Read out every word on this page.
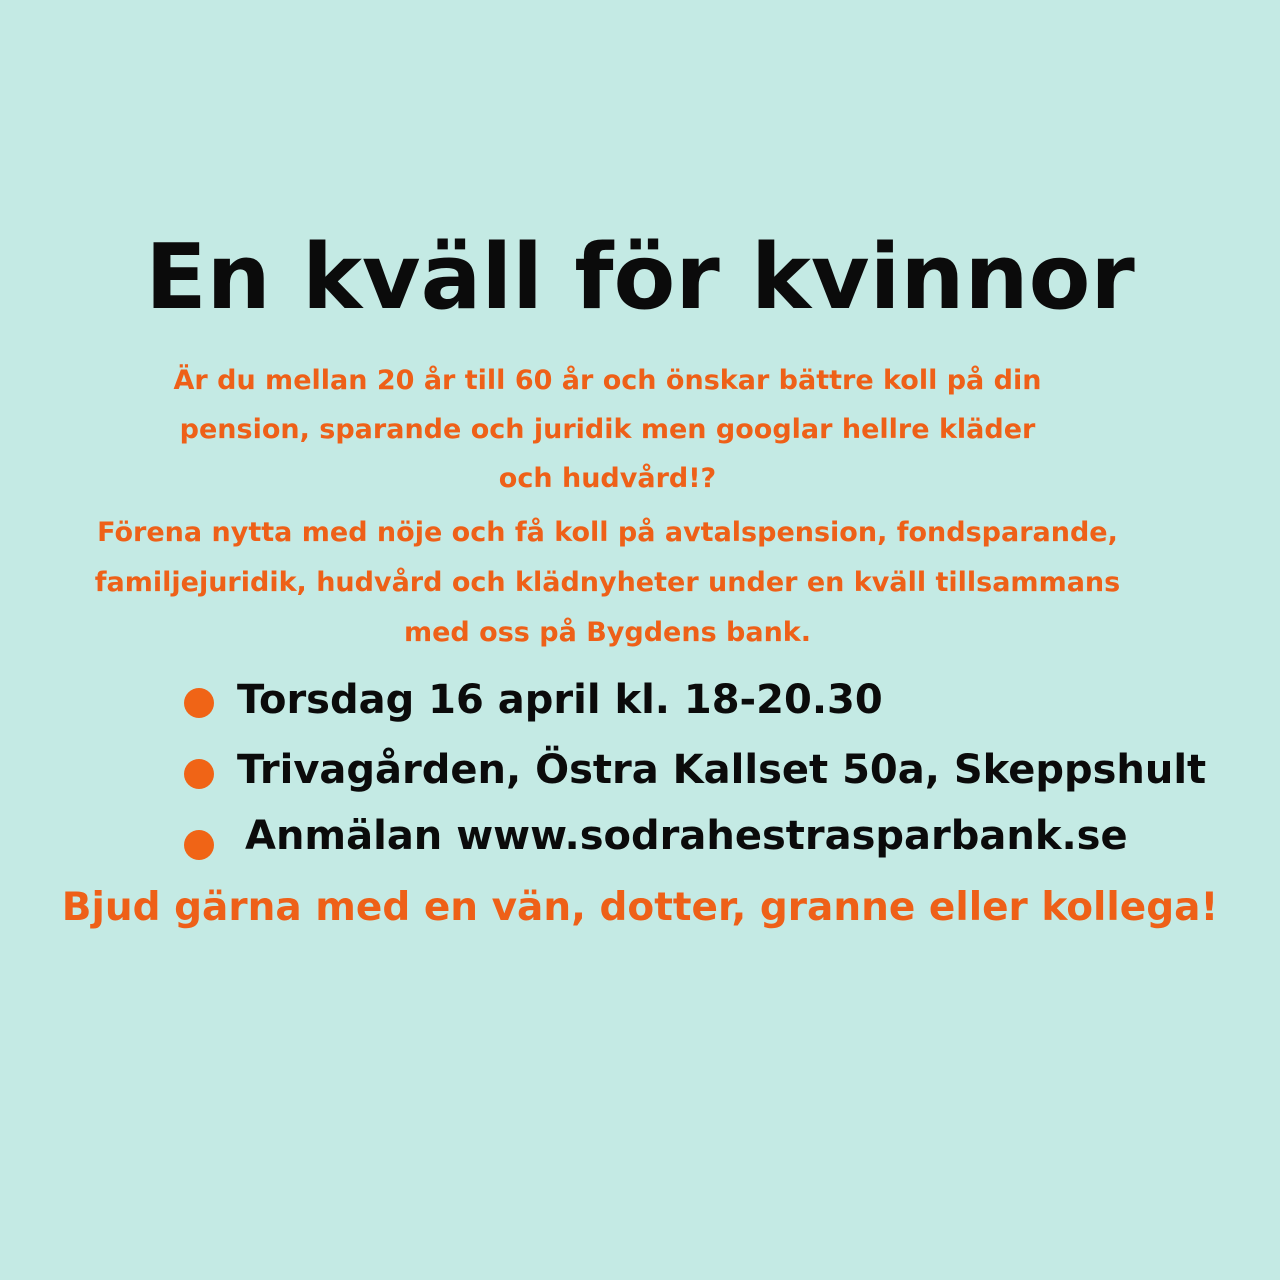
En kväll för kvinnor

Är du mellan 20 år till 60 år och önskar bättre koll på din
pension, sparande och juridik men googlar hellre kläder
och hudvård!?

Förena nytta med nöje och få koll på avtalspension, fondsparande,
familjejuridik, hudvård och klädnyheter under en kväll tillsammans
med oss på Bygdens bank.

Torsdag 16 april kl. 18-20.30
Trivagården, Östra Kallset 50a, Skeppshult
Anmälan www.sodrahestrasparbank.se

Bjud gärna med en vän, dotter, granne eller kollega!
